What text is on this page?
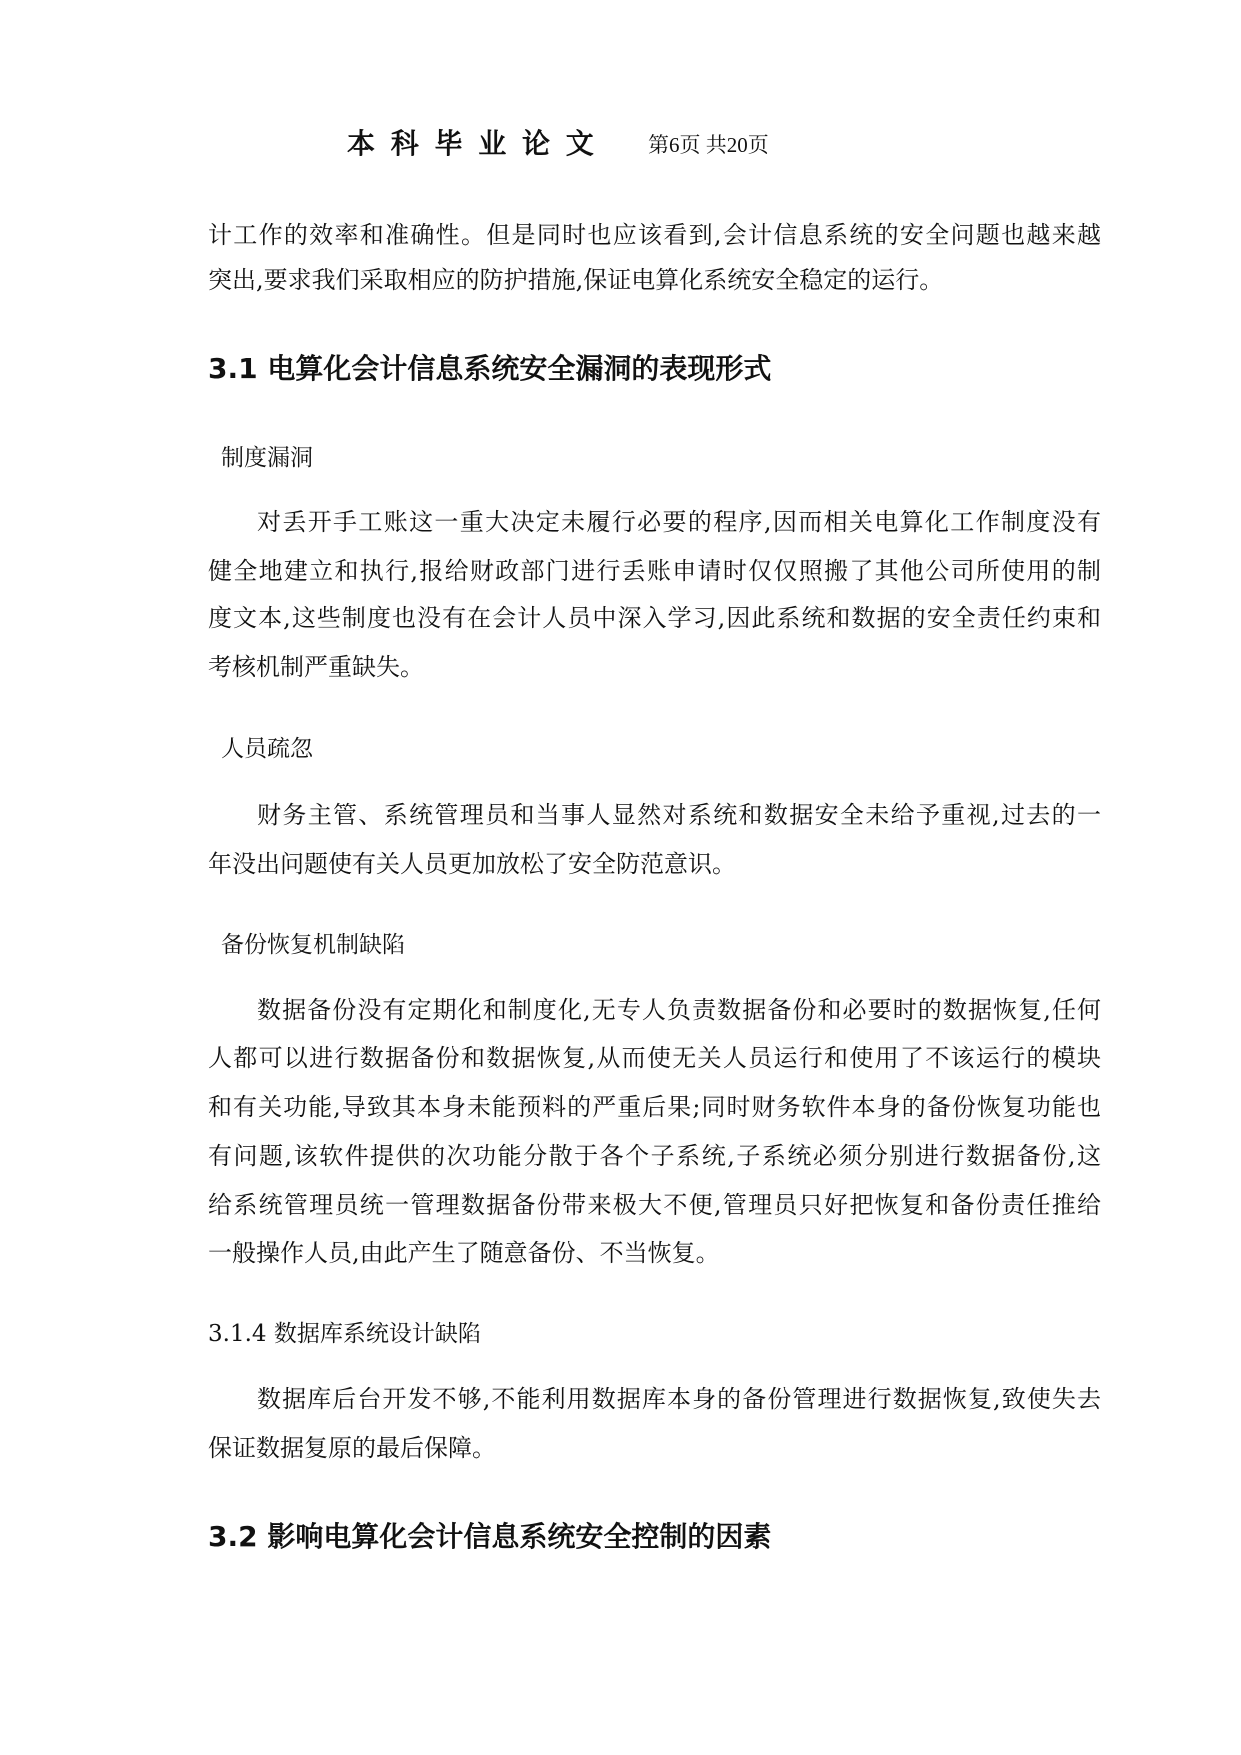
本 科 毕 业 论 文 第6页 共20页
计工作的效率和准确性。但是同时也应该看到,会计信息系统的安全问题也越来越
突出,要求我们采取相应的防护措施,保证电算化系统安全稳定的运行。
3.1 电算化会计信息系统安全漏洞的表现形式
制度漏洞
对丢开手工账这一重大决定未履行必要的程序,因而相关电算化工作制度没有
健全地建立和执行,报给财政部门进行丢账申请时仅仅照搬了其他公司所使用的制
度文本,这些制度也没有在会计人员中深入学习,因此系统和数据的安全责任约束和
考核机制严重缺失。
人员疏忽
财务主管、系统管理员和当事人显然对系统和数据安全未给予重视,过去的一
年没出问题使有关人员更加放松了安全防范意识。
备份恢复机制缺陷
数据备份没有定期化和制度化,无专人负责数据备份和必要时的数据恢复,任何
人都可以进行数据备份和数据恢复,从而使无关人员运行和使用了不该运行的模块
和有关功能,导致其本身未能预料的严重后果;同时财务软件本身的备份恢复功能也
有问题,该软件提供的次功能分散于各个子系统,子系统必须分别进行数据备份,这
给系统管理员统一管理数据备份带来极大不便,管理员只好把恢复和备份责任推给
一般操作人员,由此产生了随意备份、不当恢复。
3.1.4 数据库系统设计缺陷
数据库后台开发不够,不能利用数据库本身的备份管理进行数据恢复,致使失去
保证数据复原的最后保障。
3.2 影响电算化会计信息系统安全控制的因素
